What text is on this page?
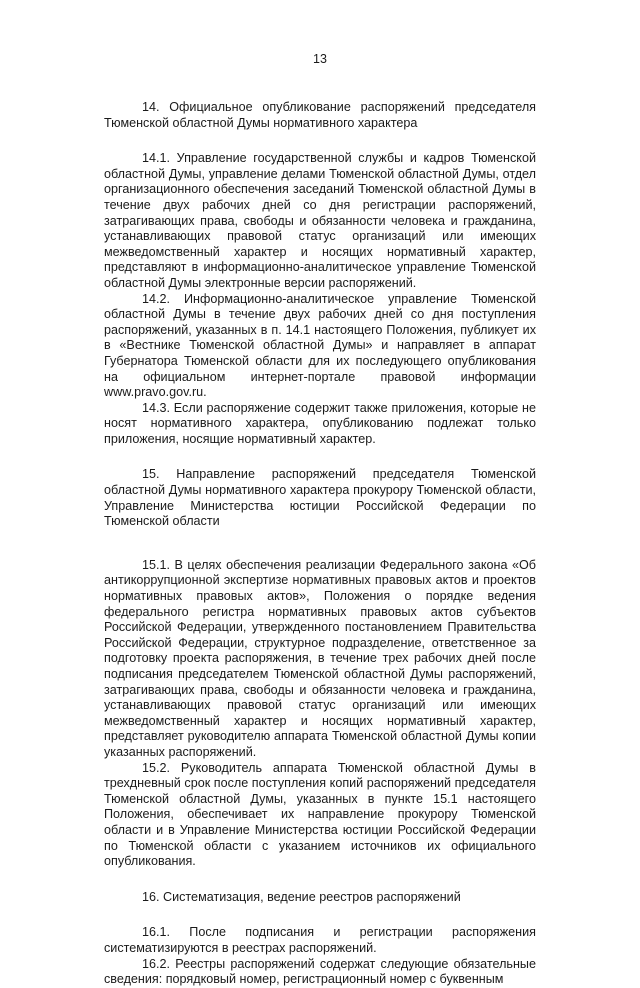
13

14. Официальное опубликование распоряжений председателя Тюменской областной Думы нормативного характера

14.1. Управление государственной службы и кадров Тюменской областной Думы, управление делами Тюменской областной Думы, отдел организационного обеспечения заседаний Тюменской областной Думы в течение двух рабочих дней со дня регистрации распоряжений, затрагивающих права, свободы и обязанности человека и гражданина, устанавливающих правовой статус организаций или имеющих межведомственный характер и носящих нормативный характер, представляют в информационно-аналитическое управление Тюменской областной Думы электронные версии распоряжений.

14.2. Информационно-аналитическое управление Тюменской областной Думы в течение двух рабочих дней со дня поступления распоряжений, указанных в п. 14.1 настоящего Положения, публикует их в «Вестнике Тюменской областной Думы» и направляет в аппарат Губернатора Тюменской области для их последующего опубликования на официальном интернет-портале правовой информации www.pravo.gov.ru.

14.3. Если распоряжение содержит также приложения, которые не носят нормативного характера, опубликованию подлежат только приложения, носящие нормативный характер.

15. Направление распоряжений председателя Тюменской областной Думы нормативного характера прокурору Тюменской области, Управление Министерства юстиции Российской Федерации по Тюменской области

15.1. В целях обеспечения реализации Федерального закона «Об антикоррупционной экспертизе нормативных правовых актов и проектов нормативных правовых актов», Положения о порядке ведения федерального регистра нормативных правовых актов субъектов Российской Федерации, утвержденного постановлением Правительства Российской Федерации, структурное подразделение, ответственное за подготовку проекта распоряжения, в течение трех рабочих дней после подписания председателем Тюменской областной Думы распоряжений, затрагивающих права, свободы и обязанности человека и гражданина, устанавливающих правовой статус организаций или имеющих межведомственный характер и носящих нормативный характер, представляет руководителю аппарата Тюменской областной Думы копии указанных распоряжений.

15.2. Руководитель аппарата Тюменской областной Думы в трехдневный срок после поступления копий распоряжений председателя Тюменской областной Думы, указанных в пункте 15.1 настоящего Положения, обеспечивает их направление прокурору Тюменской области и в Управление Министерства юстиции Российской Федерации по Тюменской области с указанием источников их официального опубликования.

16. Систематизация, ведение реестров распоряжений

16.1. После подписания и регистрации распоряжения систематизируются в реестрах распоряжений.

16.2. Реестры распоряжений содержат следующие обязательные сведения: порядковый номер, регистрационный номер с буквенным
